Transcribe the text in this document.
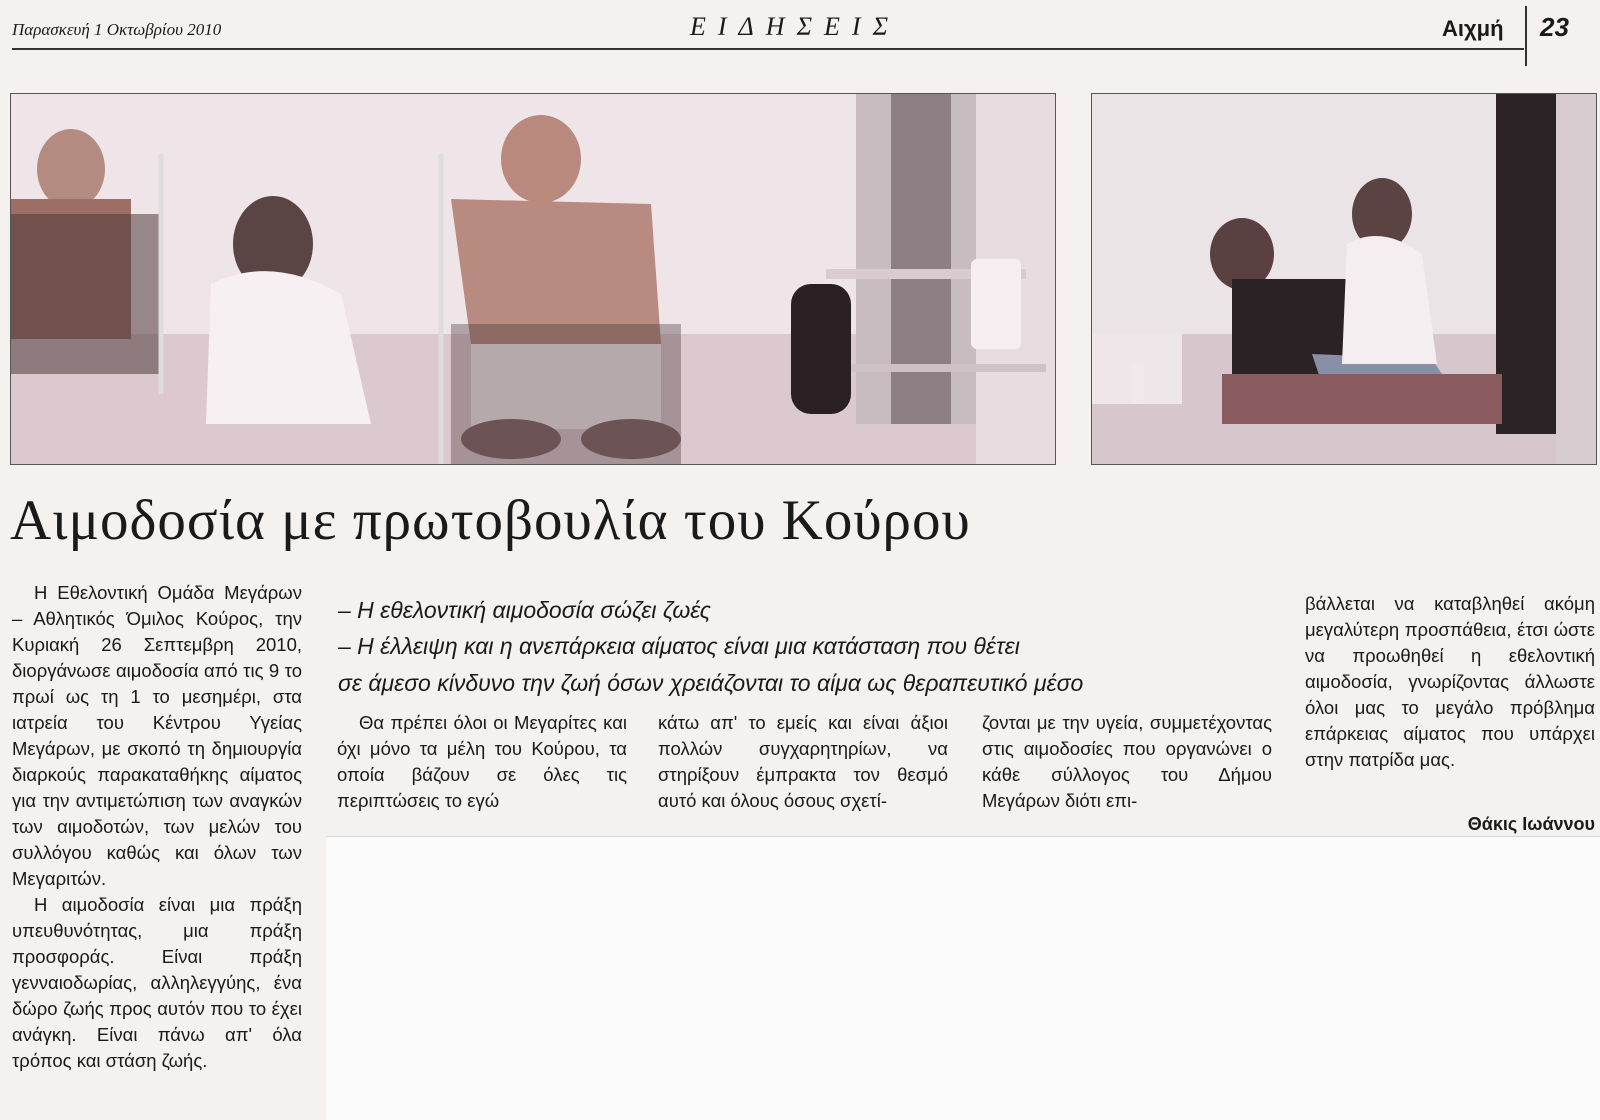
Παρασκευή 1 Οκτωβρίου 2010	ΕΙΔΗΣΕΙΣ	Αιχμή 23
Αιμοδοσία με πρωτοβουλία του Κούρου
– Η εθελοντική αιμοδοσία σώζει ζωές
– Η έλλειψη και η ανεπάρκεια αίματος είναι μια κατάσταση που θέτει
σε άμεσο κίνδυνο την ζωή όσων χρειάζονται το αίμα ως θεραπευτικό μέσο

Η Εθελοντική Ομάδα Μεγάρων – Αθλητικός Όμιλος Κούρος, την Κυριακή 26 Σεπτεμβρη 2010, διοργάνωσε αιμοδοσία από τις 9 το πρωί ως τη 1 το μεσημέρι, στα ιατρεία του Κέντρου Υγείας Μεγάρων, με σκοπό τη δημιουργία διαρκούς παρακαταθήκης αίματος για την αντιμετώπιση των αναγκών των αιμοδοτών, των μελών του συλλόγου καθώς και όλων των Μεγαριτών.

Η αιμοδοσία είναι μια πράξη υπευθυνότητας, μια πράξη προσφοράς. Είναι πράξη γενναιοδωρίας, αλληλεγγύης, ένα δώρο ζωής προς αυτόν που το έχει ανάγκη. Είναι πάνω απ' όλα τρόπος και στάση ζωής.

Θα πρέπει όλοι οι Μεγαρίτες και όχι μόνο τα μέλη του Κούρου, τα οποία βάζουν σε όλες τις περιπτώσεις το εγώ

κάτω απ' το εμείς και είναι άξιοι πολλών συγχαρητηρίων, να στηρίξουν έμπρακτα τον θεσμό αυτό και όλους όσους σχετί-

ζονται με την υγεία, συμμετέχοντας στις αιμοδοσίες που οργανώνει ο κάθε σύλλογος του Δήμου Μεγάρων διότι επι-

βάλλεται να καταβληθεί ακόμη μεγαλύτερη προσπάθεια, έτσι ώστε να προωθηθεί η εθελοντική αιμοδοσία, γνωρίζοντας άλλωστε όλοι μας το μεγάλο πρόβλημα επάρκειας αίματος που υπάρχει στην πατρίδα μας.

Θάκις Ιωάννου
